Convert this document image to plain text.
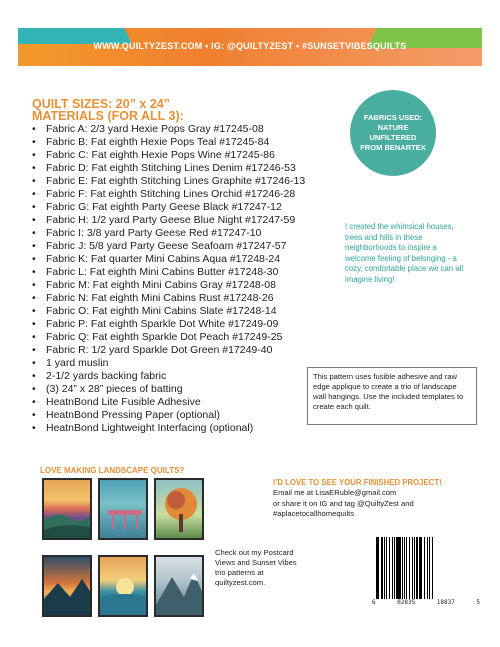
WWW.QUILTYZEST.COM • IG: @QUILTYZEST • #SUNSETVIBESQUILTS
QUILT SIZES: 20” x 24”
MATERIALS (FOR ALL 3):
• Fabric A: 2/3 yard Hexie Pops Gray #17245-08
• Fabric B: Fat eighth Hexie Pops Teal #17245-84
• Fabric C: Fat eighth Hexie Pops Wine #17245-86
• Fabric D: Fat eighth Stitching Lines Denim #17246-53
• Fabric E: Fat eighth Stitching Lines Graphite #17246-13
• Fabric F: Fat eighth Stitching Lines Orchid #17246-28
• Fabric G: Fat eighth Party Geese Black #17247-12
• Fabric H: 1/2 yard Party Geese Blue Night #17247-59
• Fabric I: 3/8 yard Party Geese Red #17247-10
• Fabric J: 5/8 yard Party Geese Seafoam #17247-57
• Fabric K: Fat quarter Mini Cabins Aqua #17248-24
• Fabric L: Fat eighth Mini Cabins Butter #17248-30
• Fabric M: Fat eighth Mini Cabins Gray #17248-08
• Fabric N: Fat eighth Mini Cabins Rust #17248-26
• Fabric O: Fat eighth Mini Cabins Slate #17248-14
• Fabric P: Fat eighth Sparkle Dot White #17249-09
• Fabric Q: Fat eighth Sparkle Dot Peach #17249-25
• Fabric R: 1/2 yard Sparkle Dot Green #17249-40
• 1 yard muslin
• 2-1/2 yards backing fabric
• (3) 24” x 28” pieces of batting
• HeatnBond Lite Fusible Adhesive
• HeatnBond Pressing Paper (optional)
• HeatnBond Lightweight Interfacing (optional)
FABRICS USED:
NATURE
UNFILTERED
FROM BENARTEX
I created the whimsical houses, trees and hills in these neighborhoods to inspire a welcome feeling of belonging - a cozy, comfortable place we can all imagine living!
This pattern uses fusible adhesive and raw edge applique to create a trio of landscape wall hangings. Use the included templates to create each quilt.
LOVE MAKING LANDSCAPE QUILTS?
Check out my Postcard Views and Sunset Vibes trio patterns at quiltyzest.com.
I’D LOVE TO SEE YOUR FINISHED PROJECT!
Email me at LisaERuble@gmail.com
or share it on IG and tag @QuiltyZest and
#aplacetocallhomequilts
6	02835	18837	5
